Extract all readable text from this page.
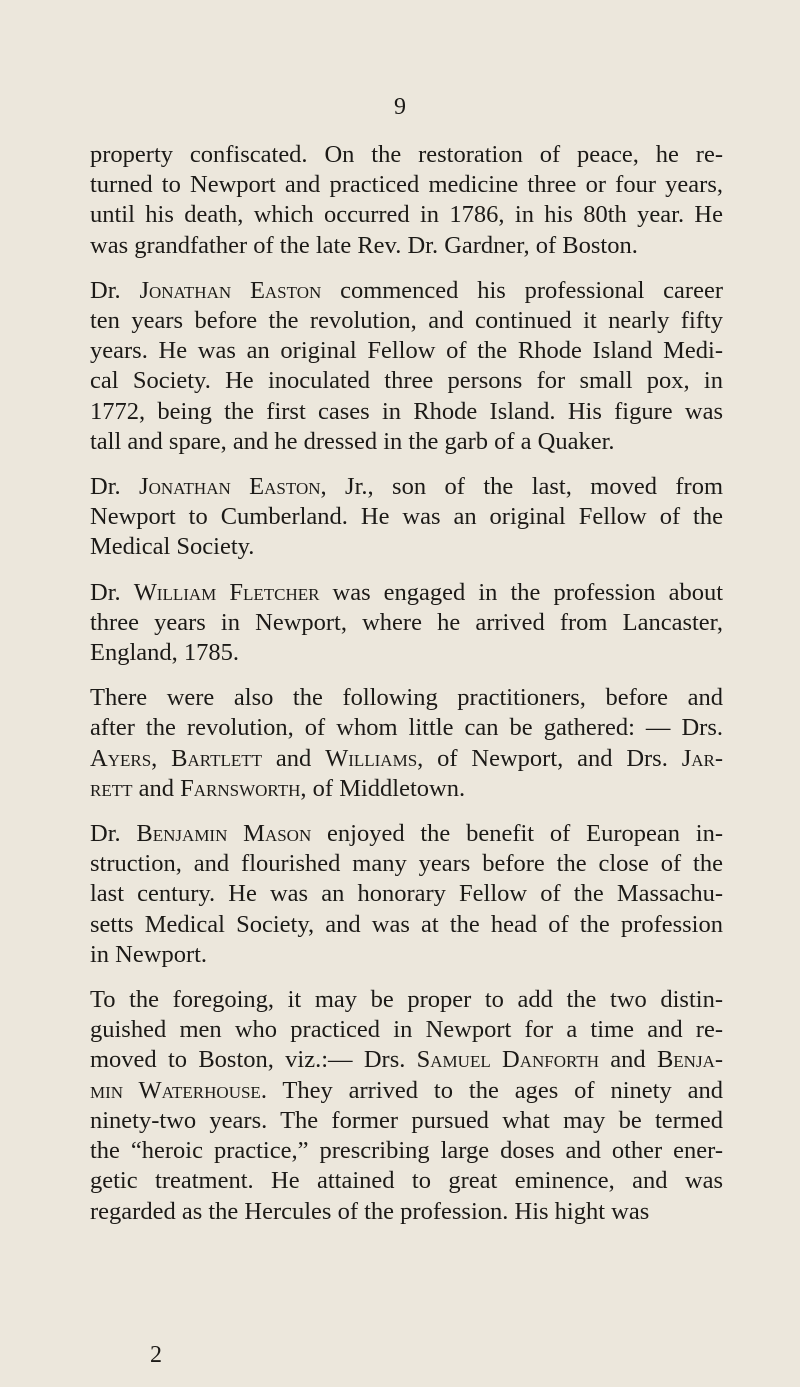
9

property confiscated. On the restoration of peace, he re-
turned to Newport and practiced medicine three or four years,
until his death, which occurred in 1786, in his 80th year. He
was grandfather of the late Rev. Dr. Gardner, of Boston.

Dr. Jonathan Easton commenced his professional career
ten years before the revolution, and continued it nearly fifty
years. He was an original Fellow of the Rhode Island Medi-
cal Society. He inoculated three persons for small pox, in
1772, being the first cases in Rhode Island. His figure was
tall and spare, and he dressed in the garb of a Quaker.

Dr. Jonathan Easton, Jr., son of the last, moved from
Newport to Cumberland. He was an original Fellow of the
Medical Society.

Dr. William Fletcher was engaged in the profession about
three years in Newport, where he arrived from Lancaster,
England, 1785.

There were also the following practitioners, before and
after the revolution, of whom little can be gathered: — Drs.
Ayers, Bartlett and Williams, of Newport, and Drs. Jar-
rett and Farnsworth, of Middletown.

Dr. Benjamin Mason enjoyed the benefit of European in-
struction, and flourished many years before the close of the
last century. He was an honorary Fellow of the Massachu-
setts Medical Society, and was at the head of the profession
in Newport.

To the foregoing, it may be proper to add the two distin-
guished men who practiced in Newport for a time and re-
moved to Boston, viz.:— Drs. Samuel Danforth and Benja-
min Waterhouse. They arrived to the ages of ninety and
ninety-two years. The former pursued what may be termed
the “heroic practice,” prescribing large doses and other ener-
getic treatment. He attained to great eminence, and was
regarded as the Hercules of the profession. His hight was

2
